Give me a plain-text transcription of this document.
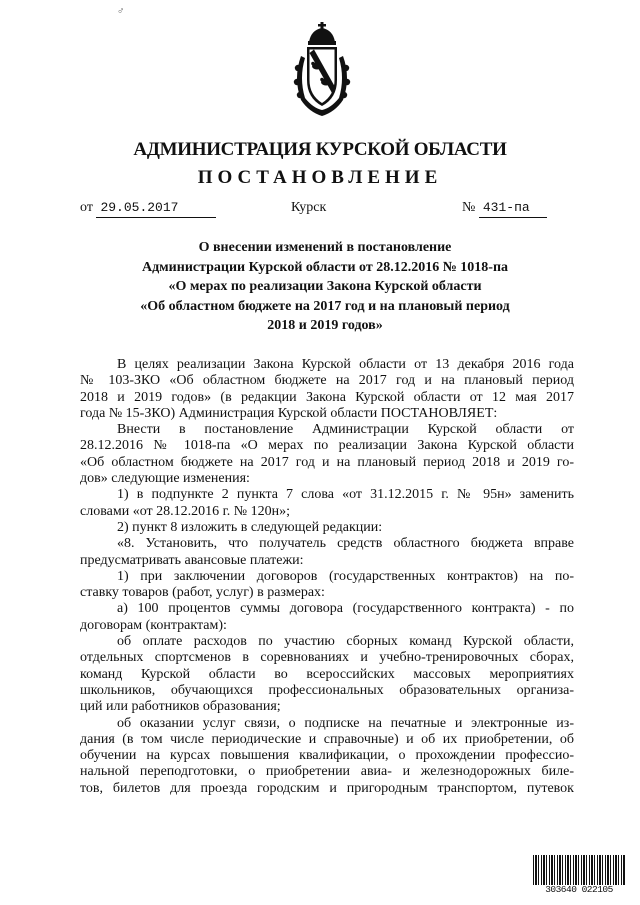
♂
АДМИНИСТРАЦИЯ КУРСКОЙ ОБЛАСТИ
ПОСТАНОВЛЕНИЕ
от 29.05.2017	Курск	№ 431-па
О внесении изменений в постановление
Администрации Курской области от 28.12.2016 № 1018-па
«О мерах по реализации Закона Курской области
«Об областном бюджете на 2017 год и на плановый период
2018 и 2019 годов»
В целях реализации Закона Курской области от 13 декабря 2016 года
№ 103-ЗКО «Об областном бюджете на 2017 год и на плановый период
2018 и 2019 годов» (в редакции Закона Курской области от 12 мая 2017
года № 15-ЗКО) Администрация Курской области ПОСТАНОВЛЯЕТ:
Внести в постановление Администрации Курской области от
28.12.2016 № 1018-па «О мерах по реализации Закона Курской области
«Об областном бюджете на 2017 год и на плановый период 2018 и 2019 го-
дов» следующие изменения:
1) в подпункте 2 пункта 7 слова «от 31.12.2015 г. № 95н» заменить
словами «от 28.12.2016 г. № 120н»;
2) пункт 8 изложить в следующей редакции:
«8. Установить, что получатель средств областного бюджета вправе
предусматривать авансовые платежи:
1) при заключении договоров (государственных контрактов) на по-
ставку товаров (работ, услуг) в размерах:
а) 100 процентов суммы договора (государственного контракта) - по
договорам (контрактам):
об оплате расходов по участию сборных команд Курской области,
отдельных спортсменов в соревнованиях и учебно-тренировочных сборах,
команд Курской области во всероссийских массовых мероприятиях
школьников, обучающихся профессиональных образовательных организа-
ций или работников образования;
об оказании услуг связи, о подписке на печатные и электронные из-
дания (в том числе периодические и справочные) и об их приобретении, об
обучении на курсах повышения квалификации, о прохождении профессио-
нальной переподготовки, о приобретении авиа- и железнодорожных билe-
тов, билетов для проезда городским и пригородным транспортом, путевок
303640 022105
